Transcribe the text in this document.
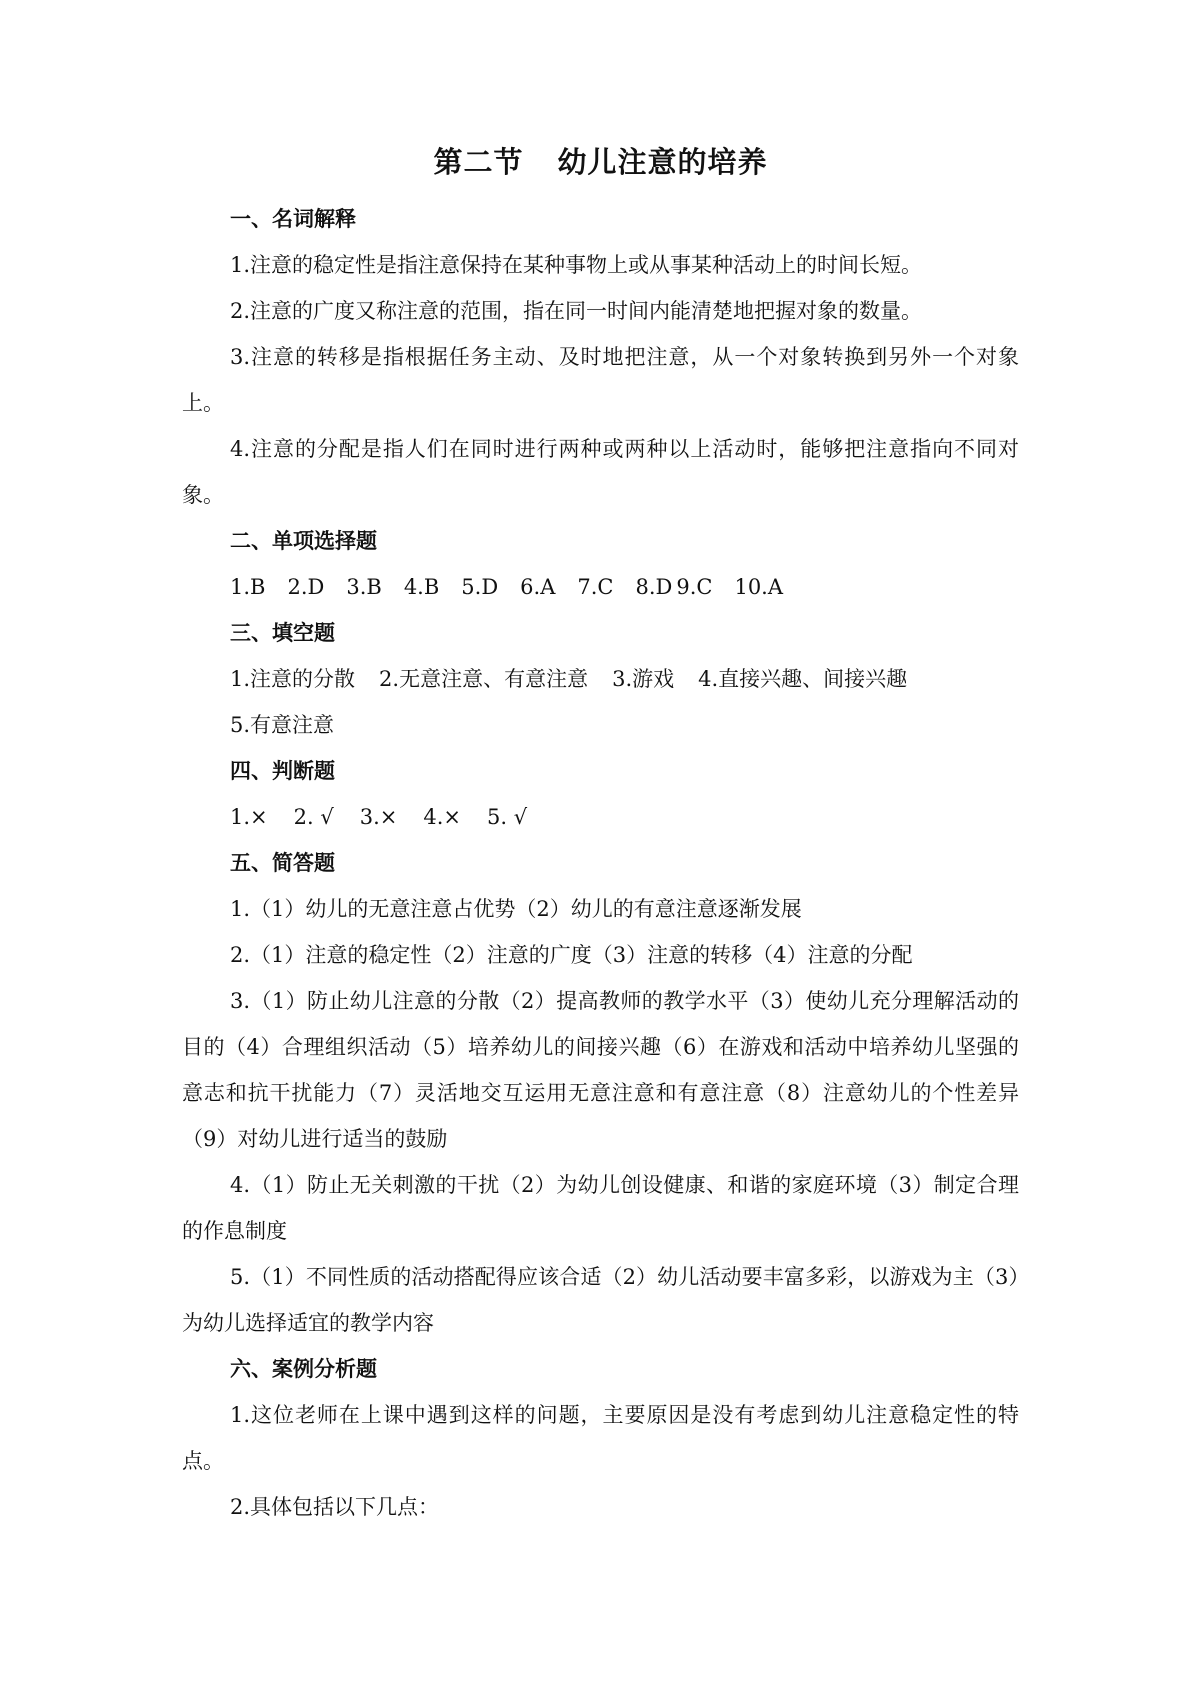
第二节 幼儿注意的培养

一、名词解释

1.注意的稳定性是指注意保持在某种事物上或从事某种活动上的时间长短。

2.注意的广度又称注意的范围，指在同一时间内能清楚地把握对象的数量。

3.注意的转移是指根据任务主动、及时地把注意，从一个对象转换到另外一个对象上。

4.注意的分配是指人们在同时进行两种或两种以上活动时，能够把注意指向不同对象。

二、单项选择题

1.B 2.D 3.B 4.B 5.D 6.A 7.C 8.D 9.C 10.A

三、填空题

1.注意的分散 2.无意注意、有意注意 3.游戏 4.直接兴趣、间接兴趣

5.有意注意

四、判断题

1.× 2. √ 3.× 4.× 5. √

五、简答题

1.（1）幼儿的无意注意占优势（2）幼儿的有意注意逐渐发展

2.（1）注意的稳定性（2）注意的广度（3）注意的转移（4）注意的分配

3.（1）防止幼儿注意的分散（2）提高教师的教学水平（3）使幼儿充分理解活动的目的（4）合理组织活动（5）培养幼儿的间接兴趣（6）在游戏和活动中培养幼儿坚强的意志和抗干扰能力（7）灵活地交互运用无意注意和有意注意（8）注意幼儿的个性差异（9）对幼儿进行适当的鼓励

4.（1）防止无关刺激的干扰（2）为幼儿创设健康、和谐的家庭环境（3）制定合理的作息制度

5.（1）不同性质的活动搭配得应该合适（2）幼儿活动要丰富多彩，以游戏为主（3）为幼儿选择适宜的教学内容

六、案例分析题

1.这位老师在上课中遇到这样的问题，主要原因是没有考虑到幼儿注意稳定性的特点。

2.具体包括以下几点：
